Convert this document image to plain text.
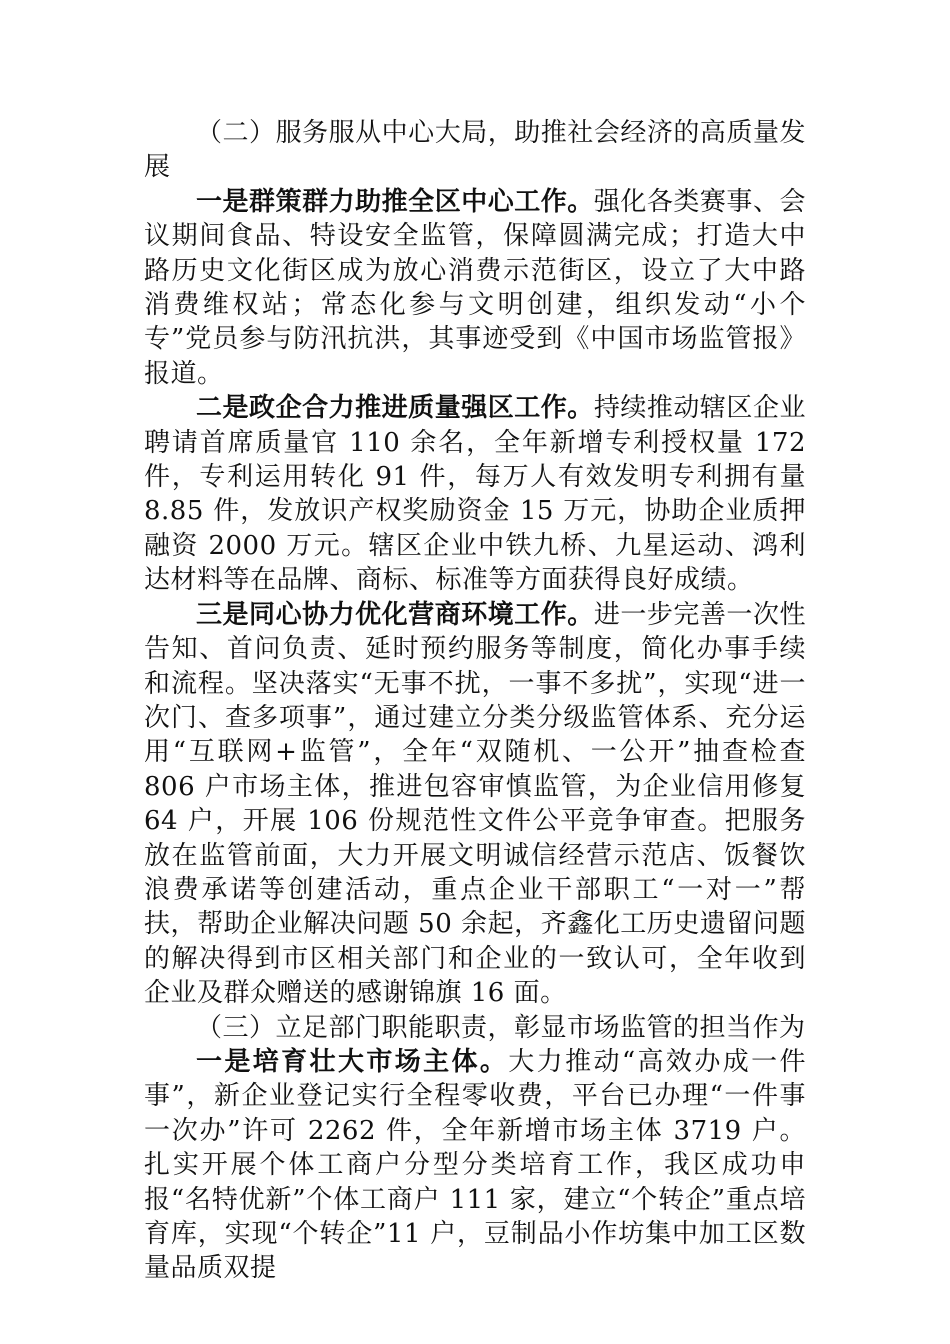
（二）服务服从中心大局，助推社会经济的高质量发展

一是群策群力助推全区中心工作。强化各类赛事、会议期间食品、特设安全监管，保障圆满完成；打造大中路历史文化街区成为放心消费示范街区，设立了大中路消费维权站；常态化参与文明创建，组织发动“小个专”党员参与防汛抗洪，其事迹受到《中国市场监管报》报道。

二是政企合力推进质量强区工作。持续推动辖区企业聘请首席质量官 110 余名，全年新增专利授权量 172 件，专利运用转化 91 件，每万人有效发明专利拥有量 8.85 件，发放识产权奖励资金 15 万元，协助企业质押融资 2000 万元。辖区企业中铁九桥、九星运动、鸿利达材料等在品牌、商标、标准等方面获得良好成绩。

三是同心协力优化营商环境工作。进一步完善一次性告知、首问负责、延时预约服务等制度，简化办事手续和流程。坚决落实“无事不扰，一事不多扰”，实现“进一次门、查多项事”，通过建立分类分级监管体系、充分运用“互联网+监管”，全年“双随机、一公开”抽查检查 806 户市场主体，推进包容审慎监管，为企业信用修复 64 户，开展 106 份规范性文件公平竞争审查。把服务放在监管前面，大力开展文明诚信经营示范店、饭餐饮浪费承诺等创建活动，重点企业干部职工“一对一”帮扶，帮助企业解决问题 50 余起，齐鑫化工历史遗留问题的解决得到市区相关部门和企业的一致认可，全年收到企业及群众赠送的感谢锦旗 16 面。

（三）立足部门职能职责，彰显市场监管的担当作为

一是培育壮大市场主体。大力推动“高效办成一件事”，新企业登记实行全程零收费，平台已办理“一件事一次办”许可 2262 件，全年新增市场主体 3719 户。扎实开展个体工商户分型分类培育工作，我区成功申报“名特优新”个体工商户 111 家，建立“个转企”重点培育库，实现“个转企”11 户，豆制品小作坊集中加工区数量品质双提
